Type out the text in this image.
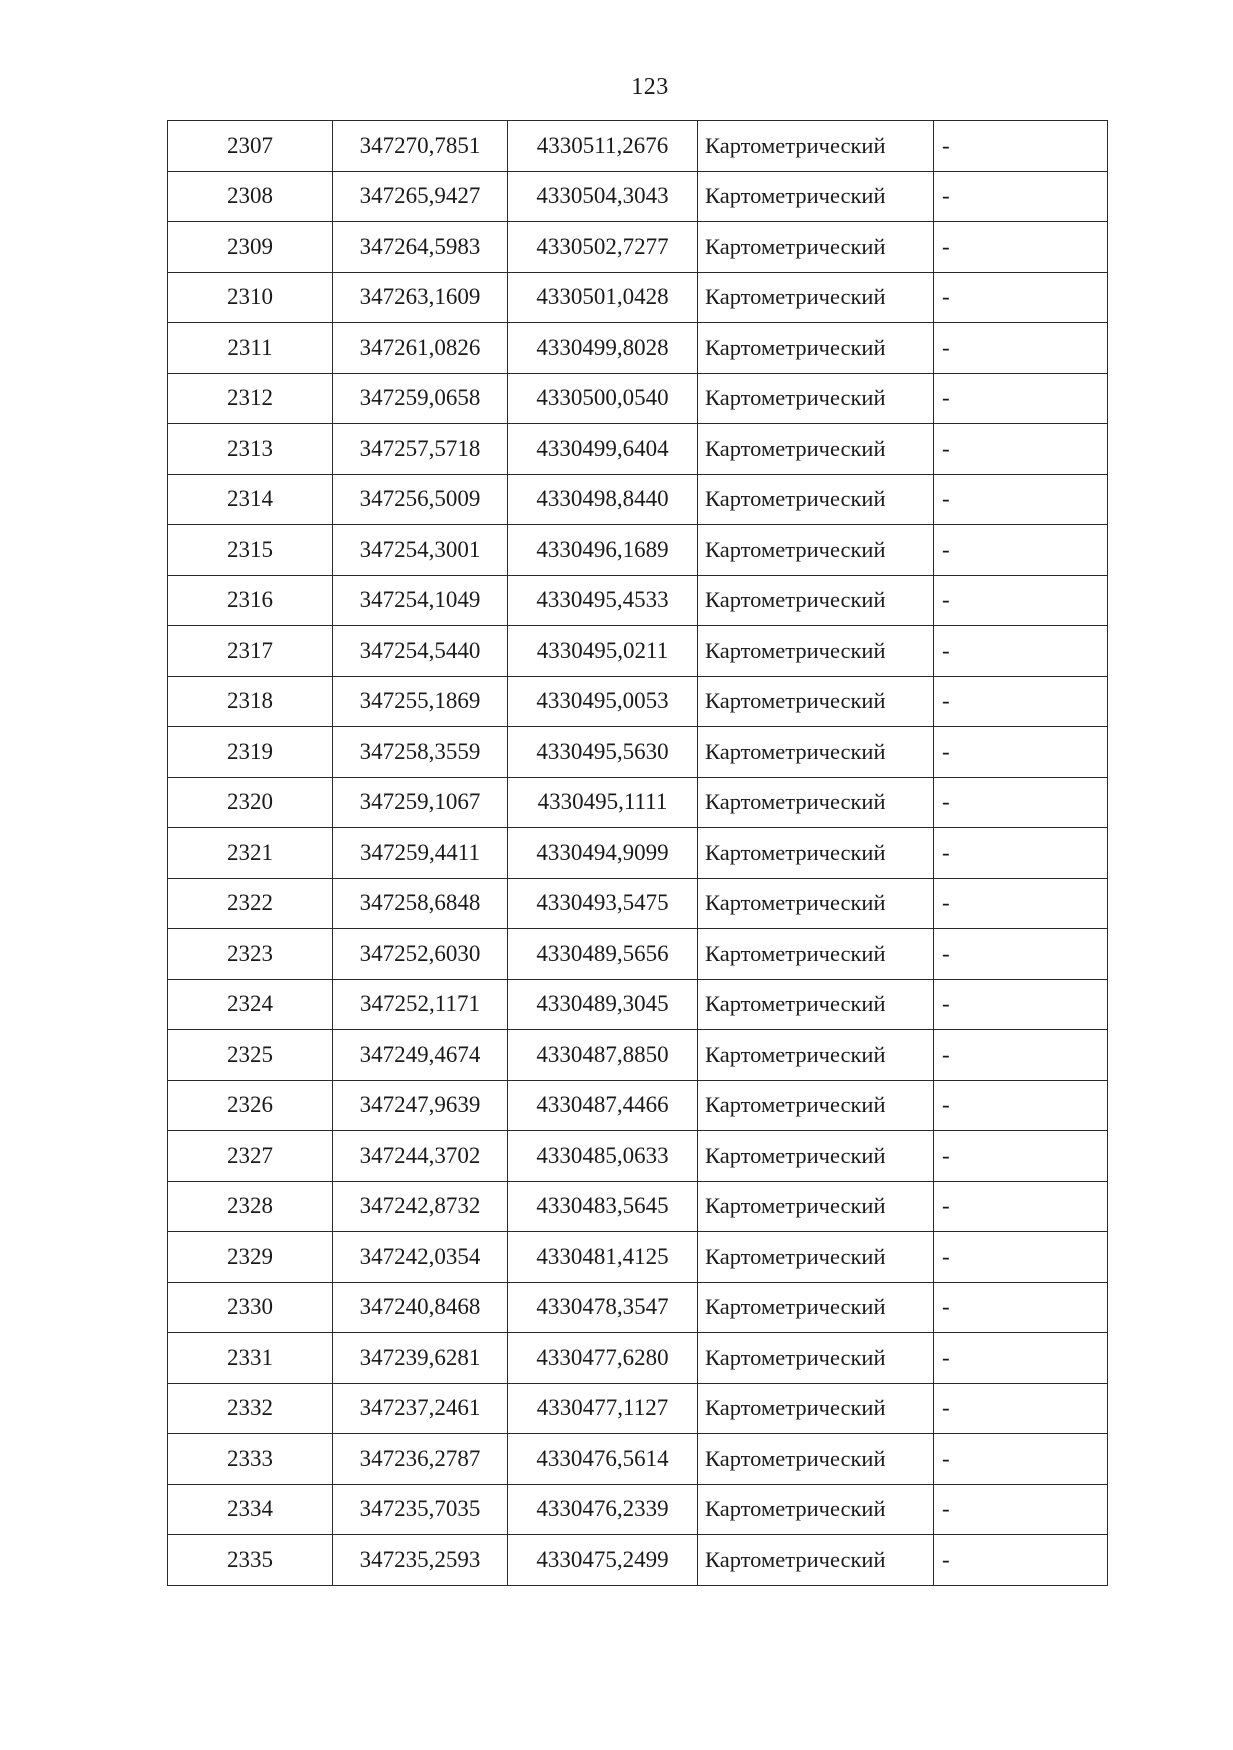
123
2307	347270,7851	4330511,2676	Картометрический	-
2308	347265,9427	4330504,3043	Картометрический	-
2309	347264,5983	4330502,7277	Картометрический	-
2310	347263,1609	4330501,0428	Картометрический	-
2311	347261,0826	4330499,8028	Картометрический	-
2312	347259,0658	4330500,0540	Картометрический	-
2313	347257,5718	4330499,6404	Картометрический	-
2314	347256,5009	4330498,8440	Картометрический	-
2315	347254,3001	4330496,1689	Картометрический	-
2316	347254,1049	4330495,4533	Картометрический	-
2317	347254,5440	4330495,0211	Картометрический	-
2318	347255,1869	4330495,0053	Картометрический	-
2319	347258,3559	4330495,5630	Картометрический	-
2320	347259,1067	4330495,1111	Картометрический	-
2321	347259,4411	4330494,9099	Картометрический	-
2322	347258,6848	4330493,5475	Картометрический	-
2323	347252,6030	4330489,5656	Картометрический	-
2324	347252,1171	4330489,3045	Картометрический	-
2325	347249,4674	4330487,8850	Картометрический	-
2326	347247,9639	4330487,4466	Картометрический	-
2327	347244,3702	4330485,0633	Картометрический	-
2328	347242,8732	4330483,5645	Картометрический	-
2329	347242,0354	4330481,4125	Картометрический	-
2330	347240,8468	4330478,3547	Картометрический	-
2331	347239,6281	4330477,6280	Картометрический	-
2332	347237,2461	4330477,1127	Картометрический	-
2333	347236,2787	4330476,5614	Картометрический	-
2334	347235,7035	4330476,2339	Картометрический	-
2335	347235,2593	4330475,2499	Картометрический	-
